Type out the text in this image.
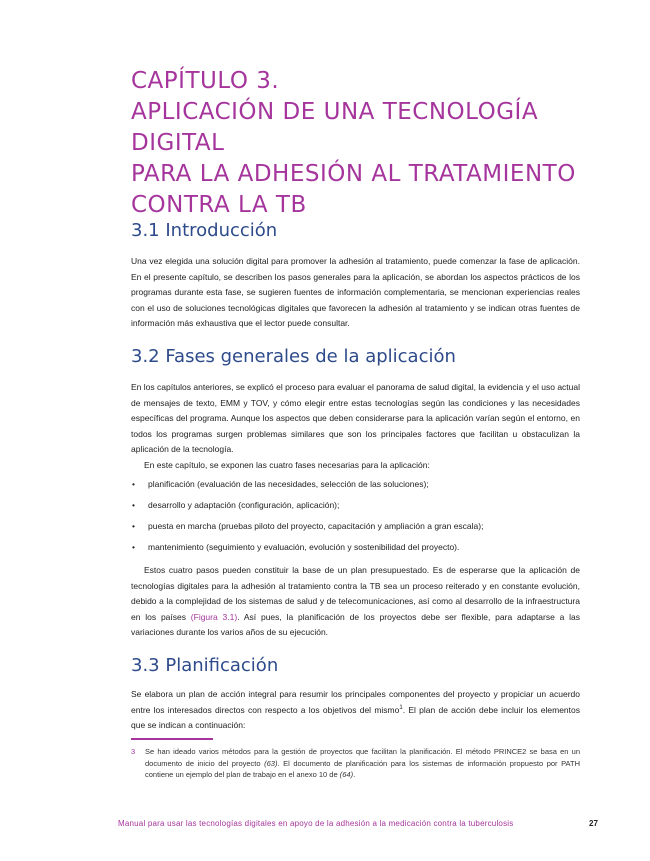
CAPÍTULO 3.
APLICACIÓN DE UNA TECNOLOGÍA DIGITAL
PARA LA ADHESIÓN AL TRATAMIENTO
CONTRA LA TB
3.1 Introducción

Una vez elegida una solución digital para promover la adhesión al tratamiento, puede comenzar la fase de aplicación. En el presente capítulo, se describen los pasos generales para la aplicación, se abordan los aspectos prácticos de los programas durante esta fase, se sugieren fuentes de información complementaria, se mencionan experiencias reales con el uso de soluciones tecnológicas digitales que favorecen la adhesión al tratamiento y se indican otras fuentes de información más exhaustiva que el lector puede consultar.

3.2 Fases generales de la aplicación

En los capítulos anteriores, se explicó el proceso para evaluar el panorama de salud digital, la evidencia y el uso actual de mensajes de texto, EMM y TOV, y cómo elegir entre estas tecnologías según las condiciones y las necesidades específicas del programa. Aunque los aspectos que deben considerarse para la aplicación varían según el entorno, en todos los programas surgen problemas similares que son los principales factores que facilitan u obstaculizan la aplicación de la tecnología.

En este capítulo, se exponen las cuatro fases necesarias para la aplicación:

• planificación (evaluación de las necesidades, selección de las soluciones);
• desarrollo y adaptación (configuración, aplicación);
• puesta en marcha (pruebas piloto del proyecto, capacitación y ampliación a gran escala);
• mantenimiento (seguimiento y evaluación, evolución y sostenibilidad del proyecto).

Estos cuatro pasos pueden constituir la base de un plan presupuestado. Es de esperarse que la aplicación de tecnologías digitales para la adhesión al tratamiento contra la TB sea un proceso reiterado y en constante evolución, debido a la complejidad de los sistemas de salud y de telecomunicaciones, así como al desarrollo de la infraestructura en los países (Figura 3.1). Así pues, la planificación de los proyectos debe ser flexible, para adaptarse a las variaciones durante los varios años de su ejecución.

3.3 Planificación

Se elabora un plan de acción integral para resumir los principales componentes del proyecto y propiciar un acuerdo entre los interesados directos con respecto a los objetivos del mismo$^1$. El plan de acción debe incluir los elementos que se indican a continuación:

3 Se han ideado varios métodos para la gestión de proyectos que facilitan la planificación. El método PRINCE2 se basa en un documento de inicio del proyecto (63). El documento de planificación para los sistemas de información propuesto por PATH contiene un ejemplo del plan de trabajo en el anexo 10 de (64).
Manual para usar las tecnologías digitales en apoyo de la adhesión a la medicación contra la tuberculosis	27
